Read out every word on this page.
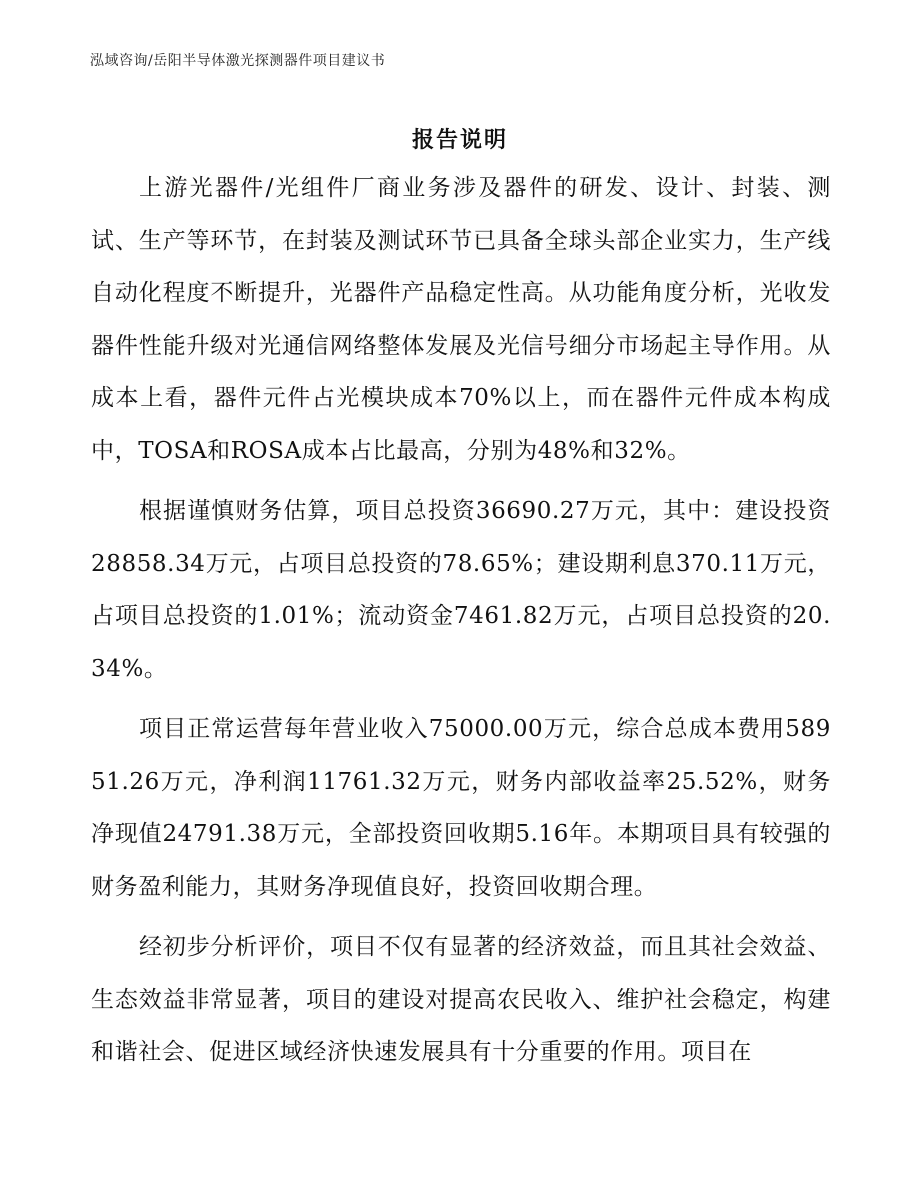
泓域咨询/岳阳半导体激光探测器件项目建议书
报告说明

上游光器件/光组件厂商业务涉及器件的研发、设计、封装、测试、生产等环节，在封装及测试环节已具备全球头部企业实力，生产线自动化程度不断提升，光器件产品稳定性高。从功能角度分析，光收发器件性能升级对光通信网络整体发展及光信号细分市场起主导作用。从成本上看，器件元件占光模块成本70%以上，而在器件元件成本构成中，TOSA和ROSA成本占比最高，分别为48%和32%。

根据谨慎财务估算，项目总投资36690.27万元，其中：建设投资28858.34万元，占项目总投资的78.65%；建设期利息370.11万元，占项目总投资的1.01%；流动资金7461.82万元，占项目总投资的20.34%。

项目正常运营每年营业收入75000.00万元，综合总成本费用58951.26万元，净利润11761.32万元，财务内部收益率25.52%，财务净现值24791.38万元，全部投资回收期5.16年。本期项目具有较强的财务盈利能力，其财务净现值良好，投资回收期合理。

经初步分析评价，项目不仅有显著的经济效益，而且其社会效益、生态效益非常显著，项目的建设对提高农民收入、维护社会稳定，构建和谐社会、促进区域经济快速发展具有十分重要的作用。项目在
